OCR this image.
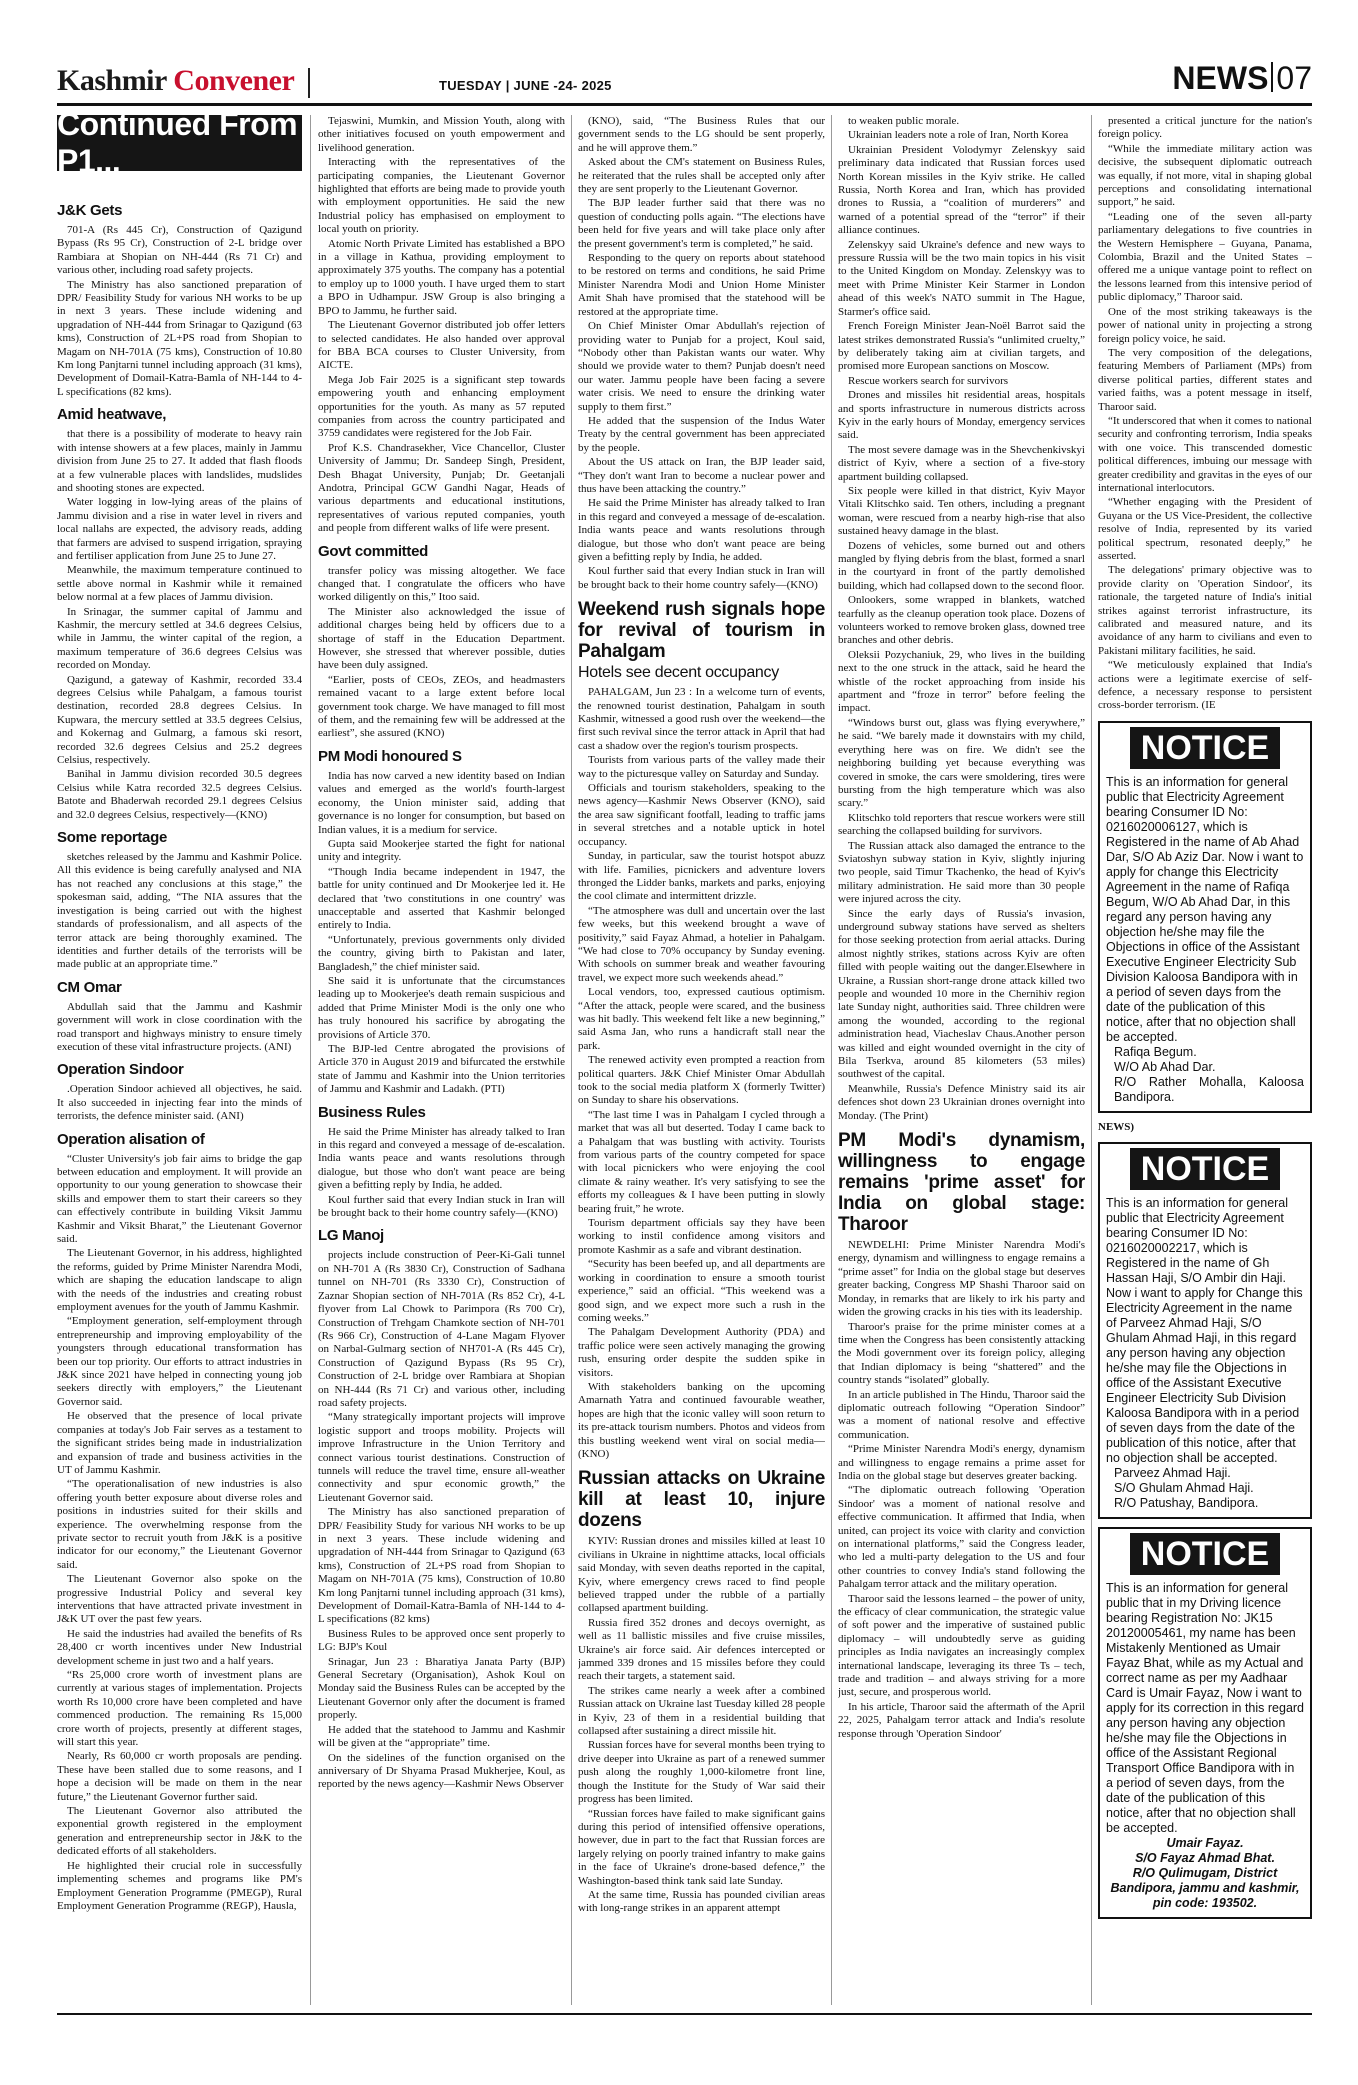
Kashmir Convener	TUESDAY | JUNE -24- 2025	NEWS 07
Continued From P1...
J&K Gets

701-A (Rs 445 Cr), Construction of Qazigund Bypass (Rs 95 Cr), Construction of 2-L bridge over Rambiara at Shopian on NH-444 (Rs 71 Cr) and various other, including road safety projects.

The Ministry has also sanctioned preparation of DPR/ Feasibility Study for various NH works to be up in next 3 years. These include widening and upgradation of NH-444 from Srinagar to Qazigund (63 kms), Construction of 2L+PS road from Shopian to Magam on NH-701A (75 kms), Construction of 10.80 Km long Panjtarni tunnel including approach (31 kms), Development of Domail-Katra-Bamla of NH-144 to 4-L specifications (82 kms).

Amid heatwave,

that there is a possibility of moderate to heavy rain with intense showers at a few places, mainly in Jammu division from June 25 to 27. It added that flash floods at a few vulnerable places with landslides, mudslides and shooting stones are expected.

Water logging in low-lying areas of the plains of Jammu division and a rise in water level in rivers and local nallahs are expected, the advisory reads, adding that farmers are advised to suspend irrigation, spraying and fertiliser application from June 25 to June 27.

Meanwhile, the maximum temperature continued to settle above normal in Kashmir while it remained below normal at a few places of Jammu division.

In Srinagar, the summer capital of Jammu and Kashmir, the mercury settled at 34.6 degrees Celsius, while in Jammu, the winter capital of the region, a maximum temperature of 36.6 degrees Celsius was recorded on Monday.

Qazigund, a gateway of Kashmir, recorded 33.4 degrees Celsius while Pahalgam, a famous tourist destination, recorded 28.8 degrees Celsius. In Kupwara, the mercury settled at 33.5 degrees Celsius, and Kokernag and Gulmarg, a famous ski resort, recorded 32.6 degrees Celsius and 25.2 degrees Celsius, respectively.

Banihal in Jammu division recorded 30.5 degrees Celsius while Katra recorded 32.5 degrees Celsius. Batote and Bhaderwah recorded 29.1 degrees Celsius and 32.0 degrees Celsius, respectively—(KNO)

Some reportage

sketches released by the Jammu and Kashmir Police. All this evidence is being carefully analysed and NIA has not reached any conclusions at this stage,” the spokesman said, adding, “The NIA assures that the investigation is being carried out with the highest standards of professionalism, and all aspects of the terror attack are being thoroughly examined. The identities and further details of the terrorists will be made public at an appropriate time.”

CM Omar

Abdullah said that the Jammu and Kashmir government will work in close coordination with the road transport and highways ministry to ensure timely execution of these vital infrastructure projects. (ANI)

Operation Sindoor

.Operation Sindoor achieved all objectives, he said. It also succeeded in injecting fear into the minds of terrorists, the defence minister said. (ANI)

Operation alisation of

“Cluster University's job fair aims to bridge the gap between education and employment. It will provide an opportunity to our young generation to showcase their skills and empower them to start their careers so they can effectively contribute in building Viksit Jammu Kashmir and Viksit Bharat,” the Lieutenant Governor said.

The Lieutenant Governor, in his address, highlighted the reforms, guided by Prime Minister Narendra Modi, which are shaping the education landscape to align with the needs of the industries and creating robust employment avenues for the youth of Jammu Kashmir.

“Employment generation, self-employment through entrepreneurship and improving employability of the youngsters through educational transformation has been our top priority. Our efforts to attract industries in J&K since 2021 have helped in connecting young job seekers directly with employers,” the Lieutenant Governor said.

He observed that the presence of local private companies at today's Job Fair serves as a testament to the significant strides being made in industrialization and expansion of trade and business activities in the UT of Jammu Kashmir.

“The operationalisation of new industries is also offering youth better exposure about diverse roles and positions in industries suited for their skills and experience. The overwhelming response from the private sector to recruit youth from J&K is a positive indicator for our economy,” the Lieutenant Governor said.

The Lieutenant Governor also spoke on the progressive Industrial Policy and several key interventions that have attracted private investment in J&K UT over the past few years.

He said the industries had availed the benefits of Rs 28,400 cr worth incentives under New Industrial development scheme in just two and a half years.

“Rs 25,000 crore worth of investment plans are currently at various stages of implementation. Projects worth Rs 10,000 crore have been completed and have commenced production. The remaining Rs 15,000 crore worth of projects, presently at different stages, will start this year.

Nearly, Rs 60,000 cr worth proposals are pending. These have been stalled due to some reasons, and I hope a decision will be made on them in the near future,” the Lieutenant Governor further said.

The Lieutenant Governor also attributed the exponential growth registered in the employment generation and entrepreneurship sector in J&K to the dedicated efforts of all stakeholders.

He highlighted their crucial role in successfully implementing schemes and programs like PM's Employment Generation Programme (PMEGP), Rural Employment Generation Programme (REGP), Hausla,

Tejaswini, Mumkin, and Mission Youth, along with other initiatives focused on youth empowerment and livelihood generation.

Interacting with the representatives of the participating companies, the Lieutenant Governor highlighted that efforts are being made to provide youth with employment opportunities. He said the new Industrial policy has emphasised on employment to local youth on priority.

Atomic North Private Limited has established a BPO in a village in Kathua, providing employment to approximately 375 youths. The company has a potential to employ up to 1000 youth. I have urged them to start a BPO in Udhampur. JSW Group is also bringing a BPO to Jammu, he further said.

The Lieutenant Governor distributed job offer letters to selected candidates. He also handed over approval for BBA BCA courses to Cluster University, from AICTE.

Mega Job Fair 2025 is a significant step towards empowering youth and enhancing employment opportunities for the youth. As many as 57 reputed companies from across the country participated and 3759 candidates were registered for the Job Fair.

Prof K.S. Chandrasekher, Vice Chancellor, Cluster University of Jammu; Dr. Sandeep Singh, President, Desh Bhagat University, Punjab; Dr. Geetanjali Andotra, Principal GCW Gandhi Nagar, Heads of various departments and educational institutions, representatives of various reputed companies, youth and people from different walks of life were present.

Govt committed

transfer policy was missing altogether. We face changed that. I congratulate the officers who have worked diligently on this,” Itoo said.

The Minister also acknowledged the issue of additional charges being held by officers due to a shortage of staff in the Education Department. However, she stressed that wherever possible, duties have been duly assigned.

“Earlier, posts of CEOs, ZEOs, and headmasters remained vacant to a large extent before local government took charge. We have managed to fill most of them, and the remaining few will be addressed at the earliest”, she assured (KNO)

PM Modi honoured S

India has now carved a new identity based on Indian values and emerged as the world's fourth-largest economy, the Union minister said, adding that governance is no longer for consumption, but based on Indian values, it is a medium for service.

Gupta said Mookerjee started the fight for national unity and integrity.

“Though India became independent in 1947, the battle for unity continued and Dr Mookerjee led it. He declared that 'two constitutions in one country' was unacceptable and asserted that Kashmir belonged entirely to India.

“Unfortunately, previous governments only divided the country, giving birth to Pakistan and later, Bangladesh,” the chief minister said.

She said it is unfortunate that the circumstances leading up to Mookerjee's death remain suspicious and added that Prime Minister Modi is the only one who has truly honoured his sacrifice by abrogating the provisions of Article 370.

The BJP-led Centre abrogated the provisions of Article 370 in August 2019 and bifurcated the erstwhile state of Jammu and Kashmir into the Union territories of Jammu and Kashmir and Ladakh. (PTI)

Business Rules

He said the Prime Minister has already talked to Iran in this regard and conveyed a message of de-escalation. India wants peace and wants resolutions through dialogue, but those who don't want peace are being given a befitting reply by India, he added.

Koul further said that every Indian stuck in Iran will be brought back to their home country safely—(KNO)

LG Manoj

projects include construction of Peer-Ki-Gali tunnel on NH-701 A (Rs 3830 Cr), Construction of Sadhana tunnel on NH-701 (Rs 3330 Cr), Construction of Zaznar Shopian section of NH-701A (Rs 852 Cr), 4-L flyover from Lal Chowk to Parimpora (Rs 700 Cr), Construction of Trehgam Chamkote section of NH-701 (Rs 966 Cr), Construction of 4-Lane Magam Flyover on Narbal-Gulmarg section of NH701-A (Rs 445 Cr), Construction of Qazigund Bypass (Rs 95 Cr), Construction of 2-L bridge over Rambiara at Shopian on NH-444 (Rs 71 Cr) and various other, including road safety projects.

“Many strategically important projects will improve logistic support and troops mobility. Projects will improve Infrastructure in the Union Territory and connect various tourist destinations. Construction of tunnels will reduce the travel time, ensure all-weather connectivity and spur economic growth,” the Lieutenant Governor said.

The Ministry has also sanctioned preparation of DPR/ Feasibility Study for various NH works to be up in next 3 years. These include widening and upgradation of NH-444 from Srinagar to Qazigund (63 kms), Construction of 2L+PS road from Shopian to Magam on NH-701A (75 kms), Construction of 10.80 Km long Panjtarni tunnel including approach (31 kms), Development of Domail-Katra-Bamla of NH-144 to 4-L specifications (82 kms)

Business Rules to be approved once sent properly to LG: BJP's Koul

Srinagar, Jun 23 : Bharatiya Janata Party (BJP) General Secretary (Organisation), Ashok Koul on Monday said the Business Rules can be accepted by the Lieutenant Governor only after the document is framed properly.

He added that the statehood to Jammu and Kashmir will be given at the “appropriate” time.

On the sidelines of the function organised on the anniversary of Dr Shyama Prasad Mukherjee, Koul, as reported by the news agency—Kashmir News Observer

(KNO), said, “The Business Rules that our government sends to the LG should be sent properly, and he will approve them.”

Asked about the CM's statement on Business Rules, he reiterated that the rules shall be accepted only after they are sent properly to the Lieutenant Governor.

The BJP leader further said that there was no question of conducting polls again. “The elections have been held for five years and will take place only after the present government's term is completed,” he said.

Responding to the query on reports about statehood to be restored on terms and conditions, he said Prime Minister Narendra Modi and Union Home Minister Amit Shah have promised that the statehood will be restored at the appropriate time.

On Chief Minister Omar Abdullah's rejection of providing water to Punjab for a project, Koul said, “Nobody other than Pakistan wants our water. Why should we provide water to them? Punjab doesn't need our water. Jammu people have been facing a severe water crisis. We need to ensure the drinking water supply to them first.”

He added that the suspension of the Indus Water Treaty by the central government has been appreciated by the people.

About the US attack on Iran, the BJP leader said, “They don't want Iran to become a nuclear power and thus have been attacking the country.”

He said the Prime Minister has already talked to Iran in this regard and conveyed a message of de-escalation. India wants peace and wants resolutions through dialogue, but those who don't want peace are being given a befitting reply by India, he added.

Koul further said that every Indian stuck in Iran will be brought back to their home country safely—(KNO)

Weekend rush signals hope for revival of tourism in Pahalgam
Hotels see decent occupancy

PAHALGAM, Jun 23 : In a welcome turn of events, the renowned tourist destination, Pahalgam in south Kashmir, witnessed a good rush over the weekend—the first such revival since the terror attack in April that had cast a shadow over the region's tourism prospects.

Tourists from various parts of the valley made their way to the picturesque valley on Saturday and Sunday.

Officials and tourism stakeholders, speaking to the news agency—Kashmir News Observer (KNO), said the area saw significant footfall, leading to traffic jams in several stretches and a notable uptick in hotel occupancy.

Sunday, in particular, saw the tourist hotspot abuzz with life. Families, picnickers and adventure lovers thronged the Lidder banks, markets and parks, enjoying the cool climate and intermittent drizzle.

“The atmosphere was dull and uncertain over the last few weeks, but this weekend brought a wave of positivity,” said Fayaz Ahmad, a hotelier in Pahalgam. “We had close to 70% occupancy by Sunday evening. With schools on summer break and weather favouring travel, we expect more such weekends ahead.”

Local vendors, too, expressed cautious optimism. “After the attack, people were scared, and the business was hit badly. This weekend felt like a new beginning,” said Asma Jan, who runs a handicraft stall near the park.

The renewed activity even prompted a reaction from political quarters. J&K Chief Minister Omar Abdullah took to the social media platform X (formerly Twitter) on Sunday to share his observations.

“The last time I was in Pahalgam I cycled through a market that was all but deserted. Today I came back to a Pahalgam that was bustling with activity. Tourists from various parts of the country competed for space with local picnickers who were enjoying the cool climate & rainy weather. It's very satisfying to see the efforts my colleagues & I have been putting in slowly bearing fruit,” he wrote.

Tourism department officials say they have been working to instil confidence among visitors and promote Kashmir as a safe and vibrant destination.

“Security has been beefed up, and all departments are working in coordination to ensure a smooth tourist experience,” said an official. “This weekend was a good sign, and we expect more such a rush in the coming weeks.”

The Pahalgam Development Authority (PDA) and traffic police were seen actively managing the growing rush, ensuring order despite the sudden spike in visitors.

With stakeholders banking on the upcoming Amarnath Yatra and continued favourable weather, hopes are high that the iconic valley will soon return to its pre-attack tourism numbers. Photos and videos from this bustling weekend went viral on social media—(KNO)

Russian attacks on Ukraine kill at least 10, injure dozens

KYIV: Russian drones and missiles killed at least 10 civilians in Ukraine in nighttime attacks, local officials said Monday, with seven deaths reported in the capital, Kyiv, where emergency crews raced to find people believed trapped under the rubble of a partially collapsed apartment building.

Russia fired 352 drones and decoys overnight, as well as 11 ballistic missiles and five cruise missiles, Ukraine's air force said. Air defences intercepted or jammed 339 drones and 15 missiles before they could reach their targets, a statement said.

The strikes came nearly a week after a combined Russian attack on Ukraine last Tuesday killed 28 people in Kyiv, 23 of them in a residential building that collapsed after sustaining a direct missile hit.

Russian forces have for several months been trying to drive deeper into Ukraine as part of a renewed summer push along the roughly 1,000-kilometre front line, though the Institute for the Study of War said their progress has been limited.

“Russian forces have failed to make significant gains during this period of intensified offensive operations, however, due in part to the fact that Russian forces are largely relying on poorly trained infantry to make gains in the face of Ukraine's drone-based defence,” the Washington-based think tank said late Sunday.

At the same time, Russia has pounded civilian areas with long-range strikes in an apparent attempt

to weaken public morale.

Ukrainian leaders note a role of Iran, North Korea

Ukrainian President Volodymyr Zelenskyy said preliminary data indicated that Russian forces used North Korean missiles in the Kyiv strike. He called Russia, North Korea and Iran, which has provided drones to Russia, a “coalition of murderers” and warned of a potential spread of the “terror” if their alliance continues.

Zelenskyy said Ukraine's defence and new ways to pressure Russia will be the two main topics in his visit to the United Kingdom on Monday. Zelenskyy was to meet with Prime Minister Keir Starmer in London ahead of this week's NATO summit in The Hague, Starmer's office said.

French Foreign Minister Jean-Noël Barrot said the latest strikes demonstrated Russia's “unlimited cruelty,” by deliberately taking aim at civilian targets, and promised more European sanctions on Moscow.

Rescue workers search for survivors

Drones and missiles hit residential areas, hospitals and sports infrastructure in numerous districts across Kyiv in the early hours of Monday, emergency services said.

The most severe damage was in the Shevchenkivskyi district of Kyiv, where a section of a five-story apartment building collapsed.

Six people were killed in that district, Kyiv Mayor Vitali Klitschko said. Ten others, including a pregnant woman, were rescued from a nearby high-rise that also sustained heavy damage in the blast.

Dozens of vehicles, some burned out and others mangled by flying debris from the blast, formed a snarl in the courtyard in front of the partly demolished building, which had collapsed down to the second floor.

Onlookers, some wrapped in blankets, watched tearfully as the cleanup operation took place. Dozens of volunteers worked to remove broken glass, downed tree branches and other debris.

Oleksii Pozychaniuk, 29, who lives in the building next to the one struck in the attack, said he heard the whistle of the rocket approaching from inside his apartment and “froze in terror” before feeling the impact.

“Windows burst out, glass was flying everywhere,” he said. “We barely made it downstairs with my child, everything here was on fire. We didn't see the neighboring building yet because everything was covered in smoke, the cars were smoldering, tires were bursting from the high temperature which was also scary.”

Klitschko told reporters that rescue workers were still searching the collapsed building for survivors.

The Russian attack also damaged the entrance to the Sviatoshyn subway station in Kyiv, slightly injuring two people, said Timur Tkachenko, the head of Kyiv's military administration. He said more than 30 people were injured across the city.

Since the early days of Russia's invasion, underground subway stations have served as shelters for those seeking protection from aerial attacks. During almost nightly strikes, stations across Kyiv are often filled with people waiting out the danger.Elsewhere in Ukraine, a Russian short-range drone attack killed two people and wounded 10 more in the Chernihiv region late Sunday night, authorities said. Three children were among the wounded, according to the regional administration head, Viacheslav Chaus.Another person was killed and eight wounded overnight in the city of Bila Tserkva, around 85 kilometers (53 miles) southwest of the capital.

Meanwhile, Russia's Defence Ministry said its air defences shot down 23 Ukrainian drones overnight into Monday. (The Print)

PM Modi's dynamism, willingness to engage remains 'prime asset' for India on global stage: Tharoor

NEWDELHI: Prime Minister Narendra Modi's energy, dynamism and willingness to engage remains a “prime asset” for India on the global stage but deserves greater backing, Congress MP Shashi Tharoor said on Monday, in remarks that are likely to irk his party and widen the growing cracks in his ties with its leadership.

Tharoor's praise for the prime minister comes at a time when the Congress has been consistently attacking the Modi government over its foreign policy, alleging that Indian diplomacy is being “shattered” and the country stands “isolated” globally.

In an article published in The Hindu, Tharoor said the diplomatic outreach following “Operation Sindoor” was a moment of national resolve and effective communication.

“Prime Minister Narendra Modi's energy, dynamism and willingness to engage remains a prime asset for India on the global stage but deserves greater backing.

“The diplomatic outreach following 'Operation Sindoor' was a moment of national resolve and effective communication. It affirmed that India, when united, can project its voice with clarity and conviction on international platforms,” said the Congress leader, who led a multi-party delegation to the US and four other countries to convey India's stand following the Pahalgam terror attack and the military operation.

Tharoor said the lessons learned – the power of unity, the efficacy of clear communication, the strategic value of soft power and the imperative of sustained public diplomacy – will undoubtedly serve as guiding principles as India navigates an increasingly complex international landscape, leveraging its three Ts – tech, trade and tradition – and always striving for a more just, secure, and prosperous world.

In his article, Tharoor said the aftermath of the April 22, 2025, Pahalgam terror attack and India's resolute response through 'Operation Sindoor'

presented a critical juncture for the nation's foreign policy.

“While the immediate military action was decisive, the subsequent diplomatic outreach was equally, if not more, vital in shaping global perceptions and consolidating international support,” he said.

“Leading one of the seven all-party parliamentary delegations to five countries in the Western Hemisphere – Guyana, Panama, Colombia, Brazil and the United States – offered me a unique vantage point to reflect on the lessons learned from this intensive period of public diplomacy,” Tharoor said.

One of the most striking takeaways is the power of national unity in projecting a strong foreign policy voice, he said.

The very composition of the delegations, featuring Members of Parliament (MPs) from diverse political parties, different states and varied faiths, was a potent message in itself, Tharoor said.

“It underscored that when it comes to national security and confronting terrorism, India speaks with one voice. This transcended domestic political differences, imbuing our message with greater credibility and gravitas in the eyes of our international interlocutors.

“Whether engaging with the President of Guyana or the US Vice-President, the collective resolve of India, represented by its varied political spectrum, resonated deeply,” he asserted.

The delegations' primary objective was to provide clarity on 'Operation Sindoor', its rationale, the targeted nature of India's initial strikes against terrorist infrastructure, its calibrated and measured nature, and its avoidance of any harm to civilians and even to Pakistani military facilities, he said.

“We meticulously explained that India's actions were a legitimate exercise of self-defence, a necessary response to persistent cross-border terrorism. (IE

NOTICE
This is an information for general public that Electricity Agreement bearing Consumer ID No: 0216020006127, which is Registered in the name of Ab Ahad Dar, S/O Ab Aziz Dar. Now i want to apply for change this Electricity Agreement in the name of Rafiqa Begum, W/O Ab Ahad Dar, in this regard any person having any objection he/she may file the Objections in office of the Assistant Executive Engineer Electricity Sub Division Kaloosa Bandipora with in a period of seven days from the date of the publication of this notice, after that no objection shall be accepted.
Rafiqa Begum.
W/O Ab Ahad Dar.
R/O Rather Mohalla, Kaloosa Bandipora.
NEWS)
NOTICE
This is an information for general public that Electricity Agreement bearing Consumer ID No: 0216020002217, which is Registered in the name of Gh Hassan Haji, S/O Ambir din Haji. Now i want to apply for Change this Electricity Agreement in the name of Parveez Ahmad Haji, S/O Ghulam Ahmad Haji, in this regard any person having any objection he/she may file the Objections in office of the Assistant Executive Engineer Electricity Sub Division Kaloosa Bandipora with in a period of seven days from the date of the publication of this notice, after that no objection shall be accepted.
Parveez Ahmad Haji.
S/O Ghulam Ahmad Haji.
R/O Patushay, Bandipora.
NOTICE
This is an information for general public that in my Driving licence bearing Registration No: JK15 20120005461, my name has been Mistakenly Mentioned as Umair Fayaz Bhat, while as my Actual and correct name as per my Aadhaar Card is Umair Fayaz, Now i want to apply for its correction in this regard any person having any objection he/she may file the Objections in office of the Assistant Regional Transport Office Bandipora with in a period of seven days, from the date of the publication of this notice, after that no objection shall be accepted.
Umair Fayaz.
S/O Fayaz Ahmad Bhat.
R/O Qulimugam, District Bandipora, jammu and kashmir,
pin code: 193502.
